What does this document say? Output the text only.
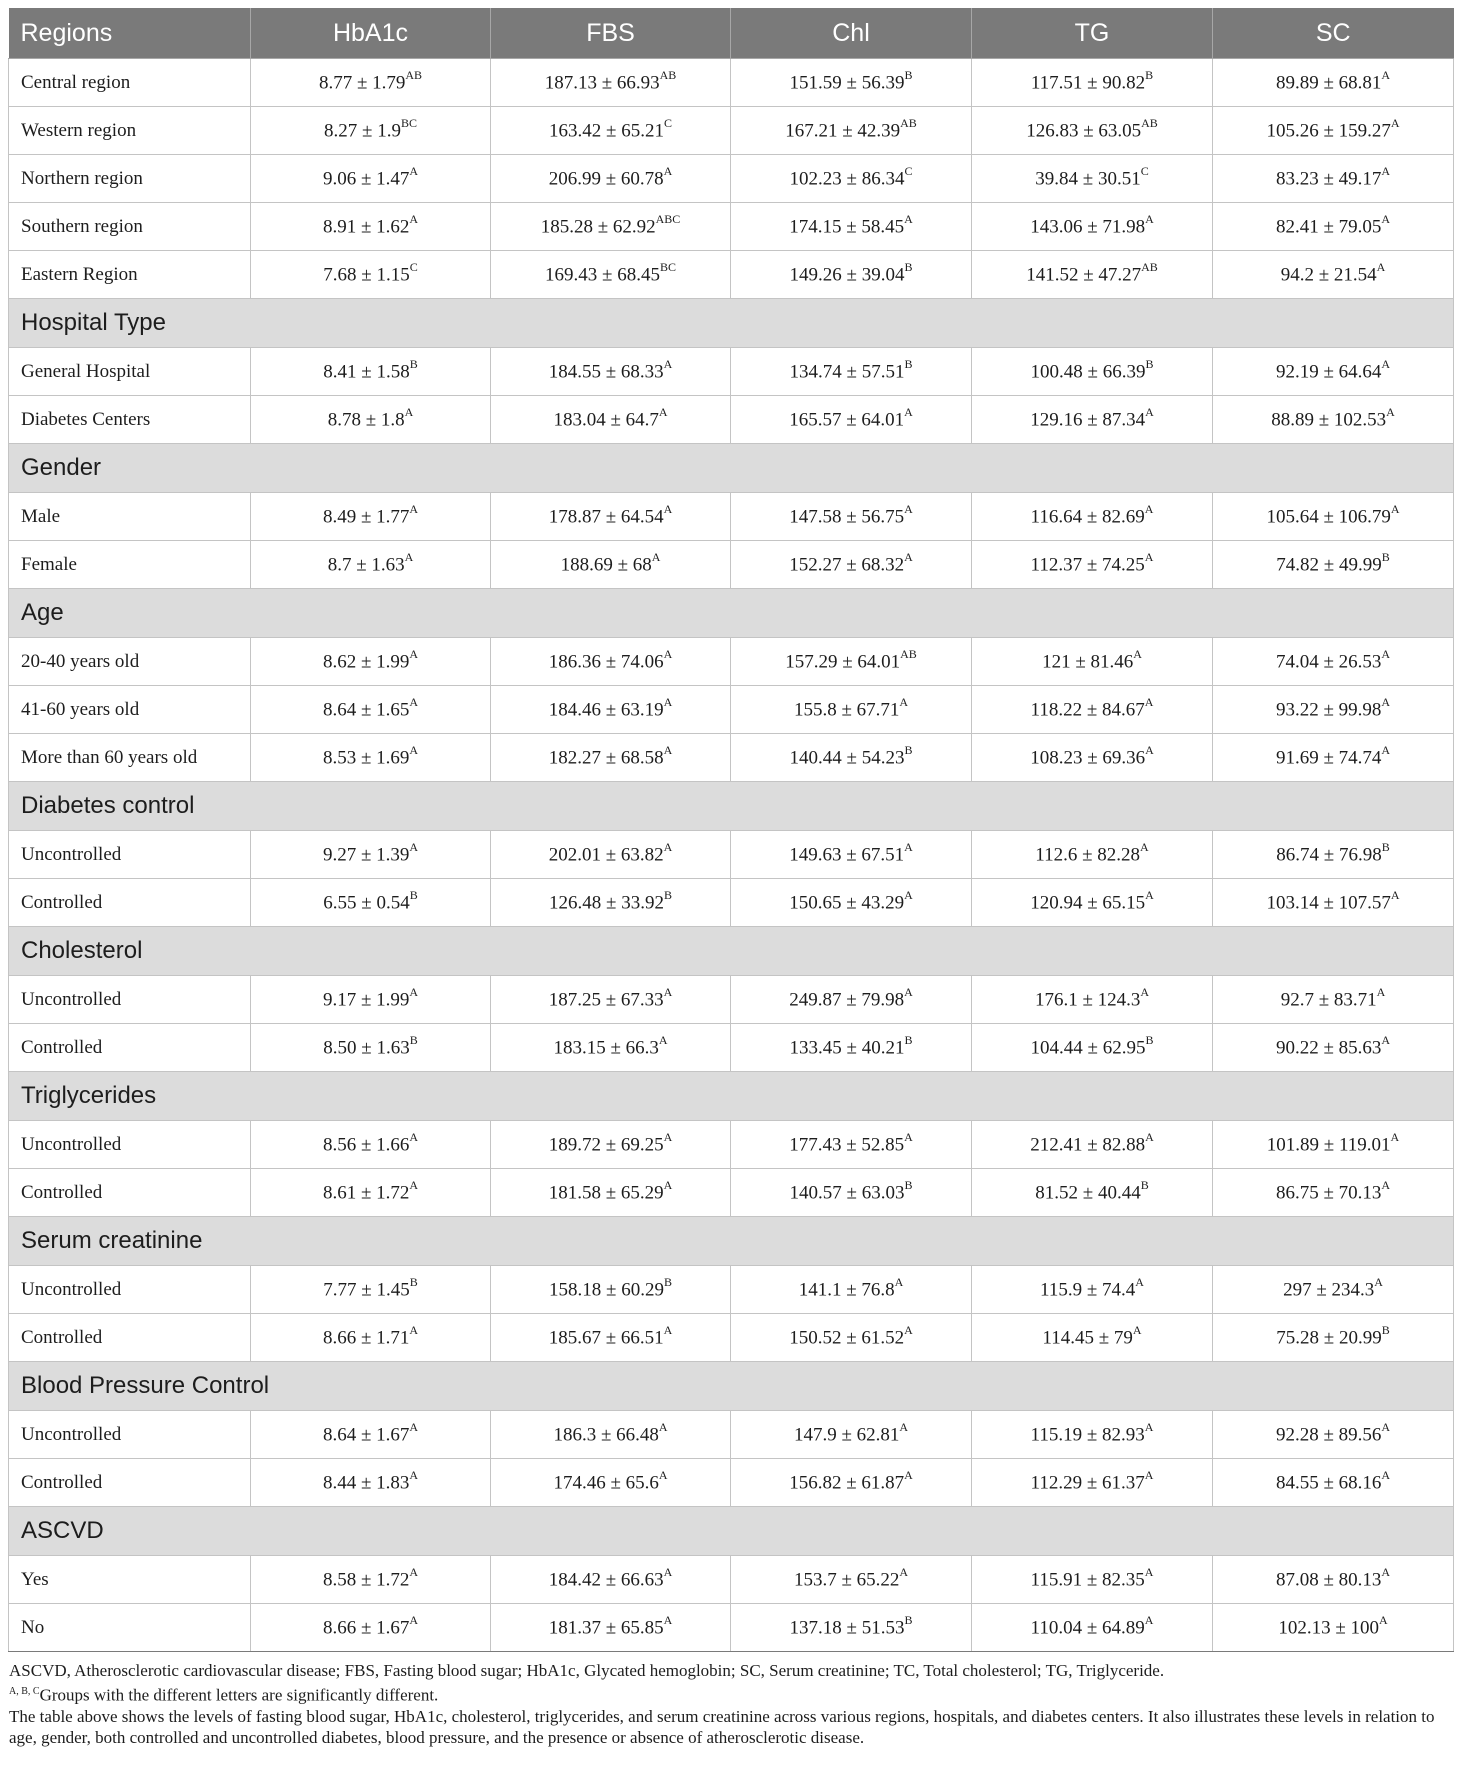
Regions	HbA1c	FBS	Chl	TG	SC
Central region	$8.77 \pm 1.79^{AB}$	$187.13 \pm 66.93^{AB}$	$151.59 \pm 56.39^B$	$117.51 \pm 90.82^B$	$89.89 \pm 68.81^A$
Western region	$8.27 \pm 1.9^{BC}$	$163.42 \pm 65.21^C$	$167.21 \pm 42.39^{AB}$	$126.83 \pm 63.05^{AB}$	$105.26 \pm 159.27^A$
Northern region	$9.06 \pm 1.47^A$	$206.99 \pm 60.78^A$	$102.23 \pm 86.34^C$	$39.84 \pm 30.51^C$	$83.23 \pm 49.17^A$
Southern region	$8.91 \pm 1.62^A$	$185.28 \pm 62.92^{ABC}$	$174.15 \pm 58.45^A$	$143.06 \pm 71.98^A$	$82.41 \pm 79.05^A$
Eastern Region	$7.68 \pm 1.15^C$	$169.43 \pm 68.45^{BC}$	$149.26 \pm 39.04^B$	$141.52 \pm 47.27^{AB}$	$94.2 \pm 21.54^A$
Hospital Type					
General Hospital	$8.41 \pm 1.58^B$	$184.55 \pm 68.33^A$	$134.74 \pm 57.51^B$	$100.48 \pm 66.39^B$	$92.19 \pm 64.64^A$
Diabetes Centers	$8.78 \pm 1.8^A$	$183.04 \pm 64.7^A$	$165.57 \pm 64.01^A$	$129.16 \pm 87.34^A$	$88.89 \pm 102.53^A$
Gender					
Male	$8.49 \pm 1.77^A$	$178.87 \pm 64.54^A$	$147.58 \pm 56.75^A$	$116.64 \pm 82.69^A$	$105.64 \pm 106.79^A$
Female	$8.7 \pm 1.63^A$	$188.69 \pm 68^A$	$152.27 \pm 68.32^A$	$112.37 \pm 74.25^A$	$74.82 \pm 49.99^B$
Age					
20-40 years old	$8.62 \pm 1.99^A$	$186.36 \pm 74.06^A$	$157.29 \pm 64.01^{AB}$	$121 \pm 81.46^A$	$74.04 \pm 26.53^A$
41-60 years old	$8.64 \pm 1.65^A$	$184.46 \pm 63.19^A$	$155.8 \pm 67.71^A$	$118.22 \pm 84.67^A$	$93.22 \pm 99.98^A$
More than 60 years old	$8.53 \pm 1.69^A$	$182.27 \pm 68.58^A$	$140.44 \pm 54.23^B$	$108.23 \pm 69.36^A$	$91.69 \pm 74.74^A$
Diabetes control					
Uncontrolled	$9.27 \pm 1.39^A$	$202.01 \pm 63.82^A$	$149.63 \pm 67.51^A$	$112.6 \pm 82.28^A$	$86.74 \pm 76.98^B$
Controlled	$6.55 \pm 0.54^B$	$126.48 \pm 33.92^B$	$150.65 \pm 43.29^A$	$120.94 \pm 65.15^A$	$103.14 \pm 107.57^A$
Cholesterol					
Uncontrolled	$9.17 \pm 1.99^A$	$187.25 \pm 67.33^A$	$249.87 \pm 79.98^A$	$176.1 \pm 124.3^A$	$92.7 \pm 83.71^A$
Controlled	$8.50 \pm 1.63^B$	$183.15 \pm 66.3^A$	$133.45 \pm 40.21^B$	$104.44 \pm 62.95^B$	$90.22 \pm 85.63^A$
Triglycerides					
Uncontrolled	$8.56 \pm 1.66^A$	$189.72 \pm 69.25^A$	$177.43 \pm 52.85^A$	$212.41 \pm 82.88^A$	$101.89 \pm 119.01^A$
Controlled	$8.61 \pm 1.72^A$	$181.58 \pm 65.29^A$	$140.57 \pm 63.03^B$	$81.52 \pm 40.44^B$	$86.75 \pm 70.13^A$
Serum creatinine					
Uncontrolled	$7.77 \pm 1.45^B$	$158.18 \pm 60.29^B$	$141.1 \pm 76.8^A$	$115.9 \pm 74.4^A$	$297 \pm 234.3^A$
Controlled	$8.66 \pm 1.71^A$	$185.67 \pm 66.51^A$	$150.52 \pm 61.52^A$	$114.45 \pm 79^A$	$75.28 \pm 20.99^B$
Blood Pressure Control					
Uncontrolled	$8.64 \pm 1.67^A$	$186.3 \pm 66.48^A$	$147.9 \pm 62.81^A$	$115.19 \pm 82.93^A$	$92.28 \pm 89.56^A$
Controlled	$8.44 \pm 1.83^A$	$174.46 \pm 65.6^A$	$156.82 \pm 61.87^A$	$112.29 \pm 61.37^A$	$84.55 \pm 68.16^A$
ASCVD					
Yes	$8.58 \pm 1.72^A$	$184.42 \pm 66.63^A$	$153.7 \pm 65.22^A$	$115.91 \pm 82.35^A$	$87.08 \pm 80.13^A$
No	$8.66 \pm 1.67^A$	$181.37 \pm 65.85^A$	$137.18 \pm 51.53^B$	$110.04 \pm 64.89^A$	$102.13 \pm 100^A$

ASCVD, Atherosclerotic cardiovascular disease; FBS, Fasting blood sugar; HbA1c, Glycated hemoglobin; SC, Serum creatinine; TC, Total cholesterol; TG, Triglyceride.

$^{A, B, C}$Groups with the different letters are significantly different.

The table above shows the levels of fasting blood sugar, HbA1c, cholesterol, triglycerides, and serum creatinine across various regions, hospitals, and diabetes centers. It also illustrates these levels in relation to age, gender, both controlled and uncontrolled diabetes, blood pressure, and the presence or absence of atherosclerotic disease.
